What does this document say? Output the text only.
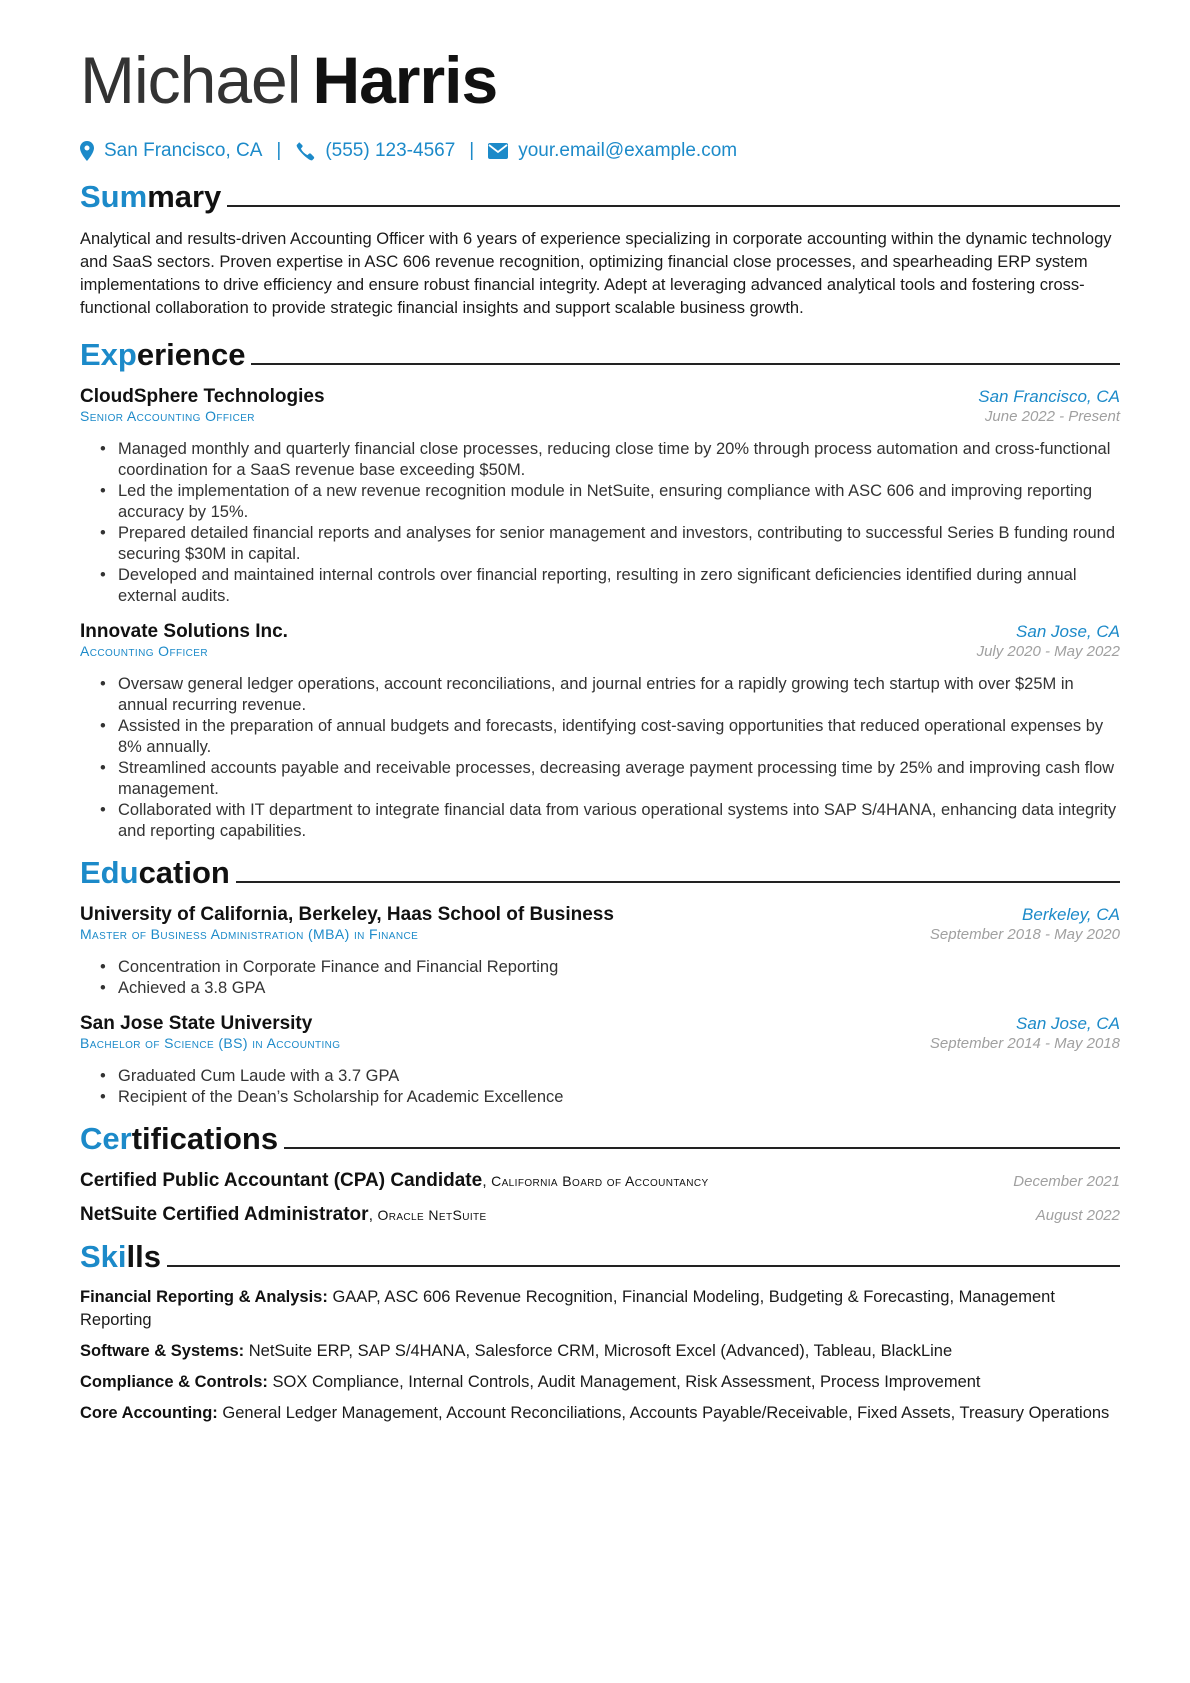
Michael Harris
San Francisco, CA | (555) 123-4567 | your.email@example.com
Summary
Analytical and results-driven Accounting Officer with 6 years of experience specializing in corporate accounting within the dynamic technology and SaaS sectors. Proven expertise in ASC 606 revenue recognition, optimizing financial close processes, and spearheading ERP system implementations to drive efficiency and ensure robust financial integrity. Adept at leveraging advanced analytical tools and fostering cross-functional collaboration to provide strategic financial insights and support scalable business growth.
Experience
CloudSphere Technologies	San Francisco, CA
Senior Accounting Officer	June 2022 - Present
• Managed monthly and quarterly financial close processes, reducing close time by 20% through process automation and cross-functional coordination for a SaaS revenue base exceeding $50M.
• Led the implementation of a new revenue recognition module in NetSuite, ensuring compliance with ASC 606 and improving reporting accuracy by 15%.
• Prepared detailed financial reports and analyses for senior management and investors, contributing to successful Series B funding round securing $30M in capital.
• Developed and maintained internal controls over financial reporting, resulting in zero significant deficiencies identified during annual external audits.
Innovate Solutions Inc.	San Jose, CA
Accounting Officer	July 2020 - May 2022
• Oversaw general ledger operations, account reconciliations, and journal entries for a rapidly growing tech startup with over $25M in annual recurring revenue.
• Assisted in the preparation of annual budgets and forecasts, identifying cost-saving opportunities that reduced operational expenses by 8% annually.
• Streamlined accounts payable and receivable processes, decreasing average payment processing time by 25% and improving cash flow management.
• Collaborated with IT department to integrate financial data from various operational systems into SAP S/4HANA, enhancing data integrity and reporting capabilities.
Education
University of California, Berkeley, Haas School of Business	Berkeley, CA
Master of Business Administration (MBA) in Finance	September 2018 - May 2020
• Concentration in Corporate Finance and Financial Reporting
• Achieved a 3.8 GPA
San Jose State University	San Jose, CA
Bachelor of Science (BS) in Accounting	September 2014 - May 2018
• Graduated Cum Laude with a 3.7 GPA
• Recipient of the Dean’s Scholarship for Academic Excellence
Certifications
Certified Public Accountant (CPA) Candidate, California Board of Accountancy	December 2021
NetSuite Certified Administrator, Oracle NetSuite	August 2022
Skills
Financial Reporting & Analysis: GAAP, ASC 606 Revenue Recognition, Financial Modeling, Budgeting & Forecasting, Management Reporting
Software & Systems: NetSuite ERP, SAP S/4HANA, Salesforce CRM, Microsoft Excel (Advanced), Tableau, BlackLine
Compliance & Controls: SOX Compliance, Internal Controls, Audit Management, Risk Assessment, Process Improvement
Core Accounting: General Ledger Management, Account Reconciliations, Accounts Payable/Receivable, Fixed Assets, Treasury Operations
